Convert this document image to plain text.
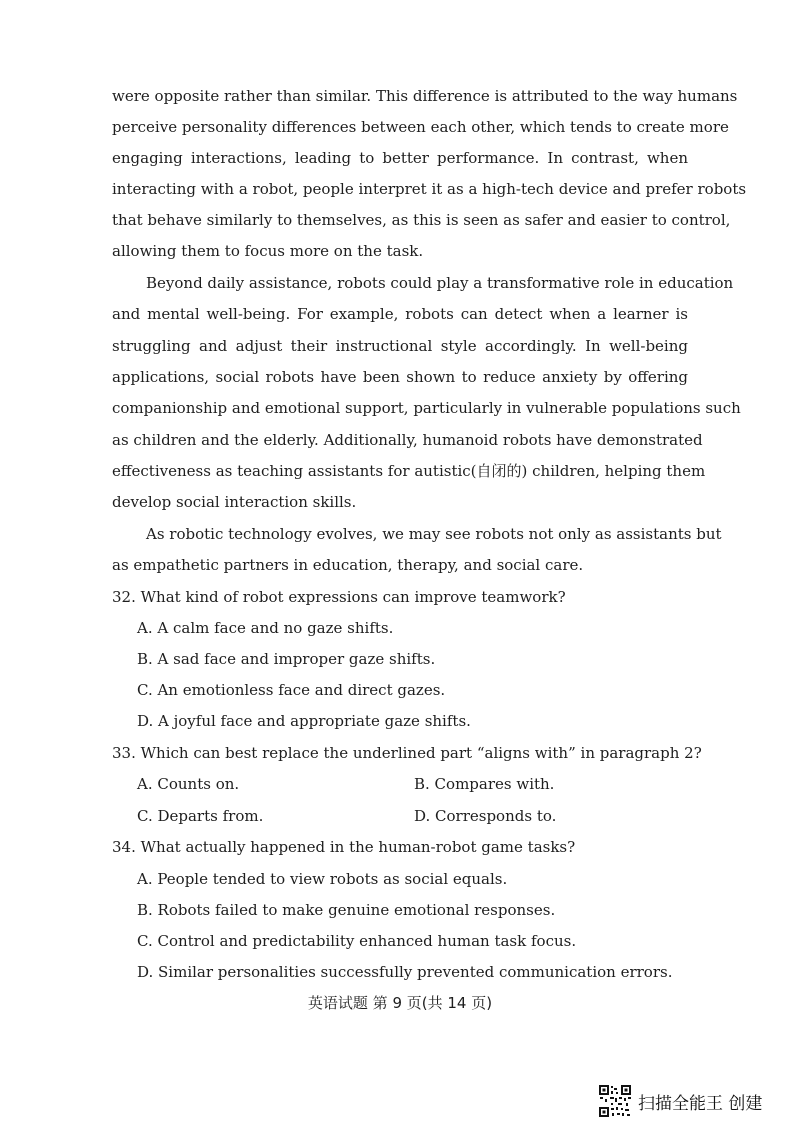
were opposite rather than similar. This difference is attributed to the way humans
perceive personality differences between each other, which tends to create more
engaging interactions, leading to better performance. In contrast, when
interacting with a robot, people interpret it as a high-tech device and prefer robots
that behave similarly to themselves, as this is seen as safer and easier to control,
allowing them to focus more on the task.
Beyond daily assistance, robots could play a transformative role in education
and mental well-being. For example, robots can detect when a learner is
struggling and adjust their instructional style accordingly. In well-being
applications, social robots have been shown to reduce anxiety by offering
companionship and emotional support, particularly in vulnerable populations such
as children and the elderly. Additionally, humanoid robots have demonstrated
effectiveness as teaching assistants for autistic(自闭的) children, helping them
develop social interaction skills.
As robotic technology evolves, we may see robots not only as assistants but
as empathetic partners in education, therapy, and social care.
32. What kind of robot expressions can improve teamwork?
A. A calm face and no gaze shifts.
B. A sad face and improper gaze shifts.
C. An emotionless face and direct gazes.
D. A joyful face and appropriate gaze shifts.
33. Which can best replace the underlined part “aligns with” in paragraph 2?
A. Counts on.	B. Compares with.
C. Departs from.	D. Corresponds to.
34. What actually happened in the human-robot game tasks?
A. People tended to view robots as social equals.
B. Robots failed to make genuine emotional responses.
C. Control and predictability enhanced human task focus.
D. Similar personalities successfully prevented communication errors.
英语试题 第 9 页(共 14 页)
扫描全能王 创建
